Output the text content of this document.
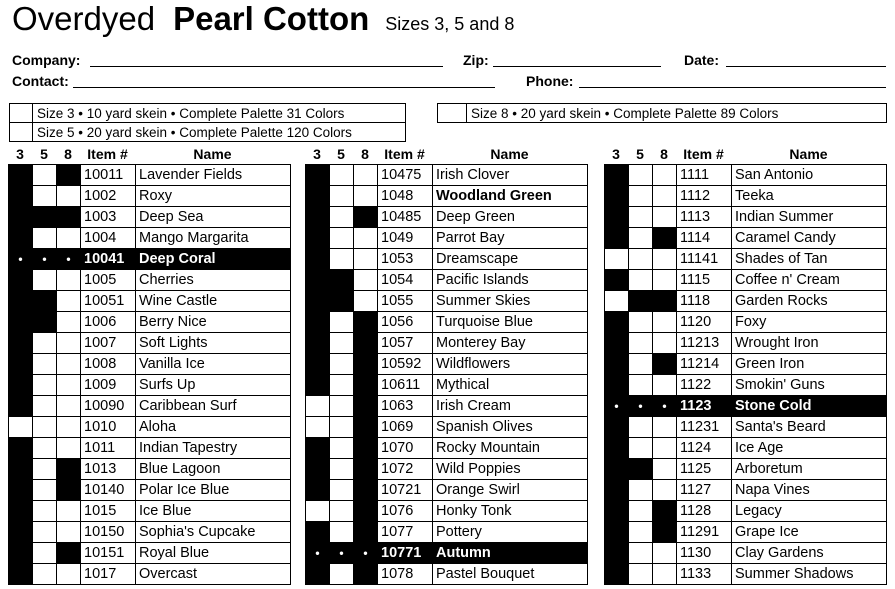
Overdyed Pearl Cotton Sizes 3, 5 and 8
Company:	Zip:	Date:
Contact:	Phone:
Size 3 • 10 yard skein • Complete Palette 31 Colors
Size 5 • 20 yard skein • Complete Palette 120 Colors
Size 8 • 20 yard skein • Complete Palette 89 Colors
3	5	8	Item #	Name
			10011	Lavender Fields
			1002	Roxy
			1003	Deep Sea
			1004	Mango Margarita
•	•	•	10041	Deep Coral
			1005	Cherries
			10051	Wine Castle
			1006	Berry Nice
			1007	Soft Lights
			1008	Vanilla Ice
			1009	Surfs Up
			10090	Caribbean Surf
			1010	Aloha
			1011	Indian Tapestry
			1013	Blue Lagoon
			10140	Polar Ice Blue
			1015	Ice Blue
			10150	Sophia's Cupcake
			10151	Royal Blue
			1017	Overcast
3	5	8	Item #	Name
			10475	Irish Clover
			1048	Woodland Green
			10485	Deep Green
			1049	Parrot Bay
			1053	Dreamscape
			1054	Pacific Islands
			1055	Summer Skies
			1056	Turquoise Blue
			1057	Monterey Bay
			10592	Wildflowers
			10611	Mythical
			1063	Irish Cream
			1069	Spanish Olives
			1070	Rocky Mountain
			1072	Wild Poppies
			10721	Orange Swirl
			1076	Honky Tonk
			1077	Pottery
•	•	•	10771	Autumn
			1078	Pastel Bouquet
3	5	8	Item #	Name
			1111	San Antonio
			1112	Teeka
			1113	Indian Summer
			1114	Caramel Candy
			11141	Shades of Tan
			1115	Coffee n' Cream
			1118	Garden Rocks
			1120	Foxy
			11213	Wrought Iron
			11214	Green Iron
			1122	Smokin' Guns
•	•	•	1123	Stone Cold
			11231	Santa's Beard
			1124	Ice Age
			1125	Arboretum
			1127	Napa Vines
			1128	Legacy
			11291	Grape Ice
			1130	Clay Gardens
			1133	Summer Shadows
